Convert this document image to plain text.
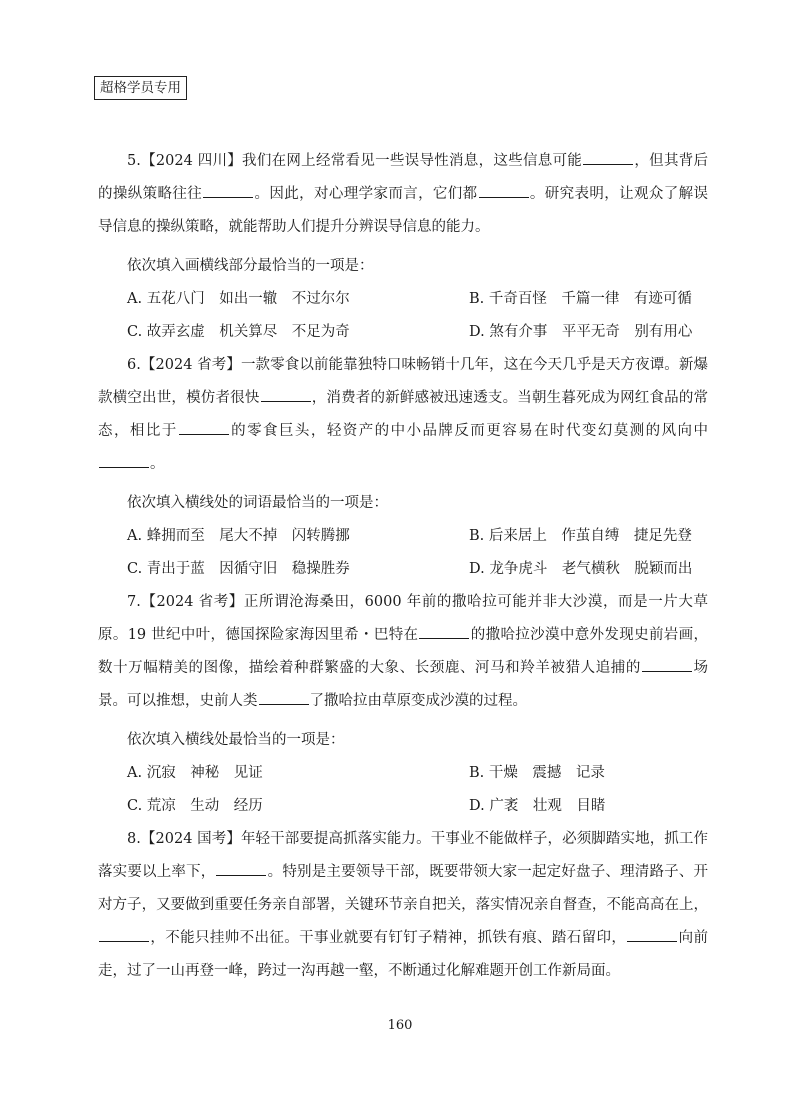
超格学员专用

5.【2024 四川】我们在网上经常看见一些误导性消息，这些信息可能	，但其背后的操纵策略往往	。因此，对心理学家而言，它们都	。研究表明，让观众了解误导信息的操纵策略，就能帮助人们提升分辨误导信息的能力。

依次填入画横线部分最恰当的一项是：

A. 五花八门　如出一辙　不过尔尔	B. 千奇百怪　千篇一律　有迹可循
C. 故弄玄虚　机关算尽　不足为奇	D. 煞有介事　平平无奇　别有用心

6.【2024 省考】一款零食以前能靠独特口味畅销十几年，这在今天几乎是天方夜谭。新爆款横空出世，模仿者很快	，消费者的新鲜感被迅速透支。当朝生暮死成为网红食品的常态，相比于	的零食巨头，轻资产的中小品牌反而更容易在时代变幻莫测的风向中。

依次填入横线处的词语最恰当的一项是：

A. 蜂拥而至　尾大不掉　闪转腾挪	B. 后来居上　作茧自缚　捷足先登
C. 青出于蓝　因循守旧　稳操胜券	D. 龙争虎斗　老气横秋　脱颖而出

7.【2024 省考】正所谓沧海桑田，6000 年前的撒哈拉可能并非大沙漠，而是一片大草原。19 世纪中叶，德国探险家海因里希・巴特在	的撒哈拉沙漠中意外发现史前岩画，数十万幅精美的图像，描绘着种群繁盛的大象、长颈鹿、河马和羚羊被猎人追捕的	场景。可以推想，史前人类	了撒哈拉由草原变成沙漠的过程。

依次填入横线处最恰当的一项是：

A. 沉寂　神秘　见证	B. 干燥　震撼　记录
C. 荒凉　生动　经历	D. 广袤　壮观　目睹

8.【2024 国考】年轻干部要提高抓落实能力。干事业不能做样子，必须脚踏实地，抓工作落实要以上率下，	。特别是主要领导干部，既要带领大家一起定好盘子、理清路子、开对方子，又要做到重要任务亲自部署，关键环节亲自把关，落实情况亲自督查，不能高高在上，，不能只挂帅不出征。干事业就要有钉钉子精神，抓铁有痕、踏石留印，	向前走，过了一山再登一峰，跨过一沟再越一壑，不断通过化解难题开创工作新局面。

160
